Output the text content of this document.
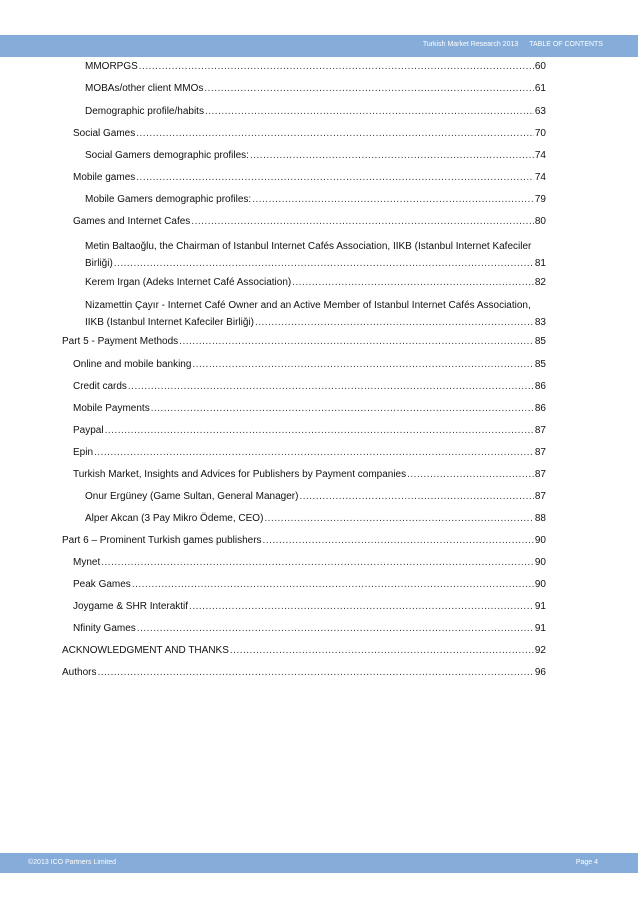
Turkish Market Research 2013 TABLE OF CONTENTS
MMORPGS .....	60
MOBAs/other client MMOs .....	61
Demographic profile/habits .....	63
Social Games .....	70
Social Gamers demographic profiles: .....	74
Mobile games .....	74
Mobile Gamers demographic profiles: .....	79
Games and Internet Cafes .....	80
Metin Baltaoğlu, the Chairman of Istanbul Internet Cafés Association, IIKB (Istanbul Internet Kafeciler
Birliği) .....	81
Kerem Irgan (Adeks Internet Café Association) .....	82
Nizamettin Çayır - Internet Café Owner and an Active Member of Istanbul Internet Cafés Association,
IIKB (Istanbul Internet Kafeciler Birliği) .....	83
Part 5 - Payment Methods .....	85
Online and mobile banking .....	85
Credit cards .....	86
Mobile Payments .....	86
Paypal .....	87
Epin .....	87
Turkish Market, Insights and Advices for Publishers by Payment companies .....	87
Onur Ergüney (Game Sultan, General Manager) .....	87
Alper Akcan (3 Pay Mikro Ödeme, CEO) .....	88
Part 6 – Prominent Turkish games publishers .....	90
Mynet .....	90
Peak Games .....	90
Joygame & SHR Interaktif .....	91
Nfinity Games .....	91
ACKNOWLEDGMENT AND THANKS .....	92
Authors .....	96
©2013 ICO Partners Limited	Page 4
